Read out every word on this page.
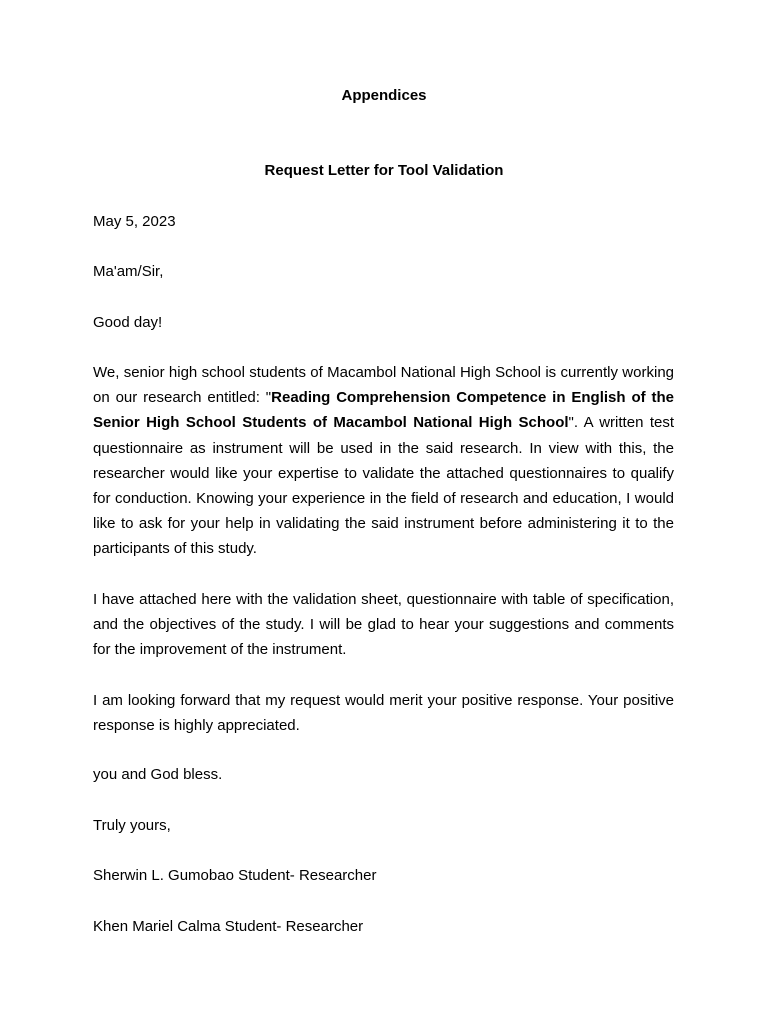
Appendices
Request Letter for Tool Validation
May 5, 2023
Ma'am/Sir,
Good day!
We, senior high school students of Macambol National High School is currently working on our research entitled: "Reading Comprehension Competence in English of the Senior High School Students of Macambol National High School". A written test questionnaire as instrument will be used in the said research. In view with this, the researcher would like your expertise to validate the attached questionnaires to qualify for conduction. Knowing your experience in the field of research and education, I would like to ask for your help in validating the said instrument before administering it to the participants of this study.
I have attached here with the validation sheet, questionnaire with table of specification, and the objectives of the study. I will be glad to hear your suggestions and comments for the improvement of the instrument.
I am looking forward that my request would merit your positive response. Your positive response is highly appreciated.
you and God bless.
Truly yours,
Sherwin L. Gumobao Student- Researcher
Khen Mariel Calma Student- Researcher
